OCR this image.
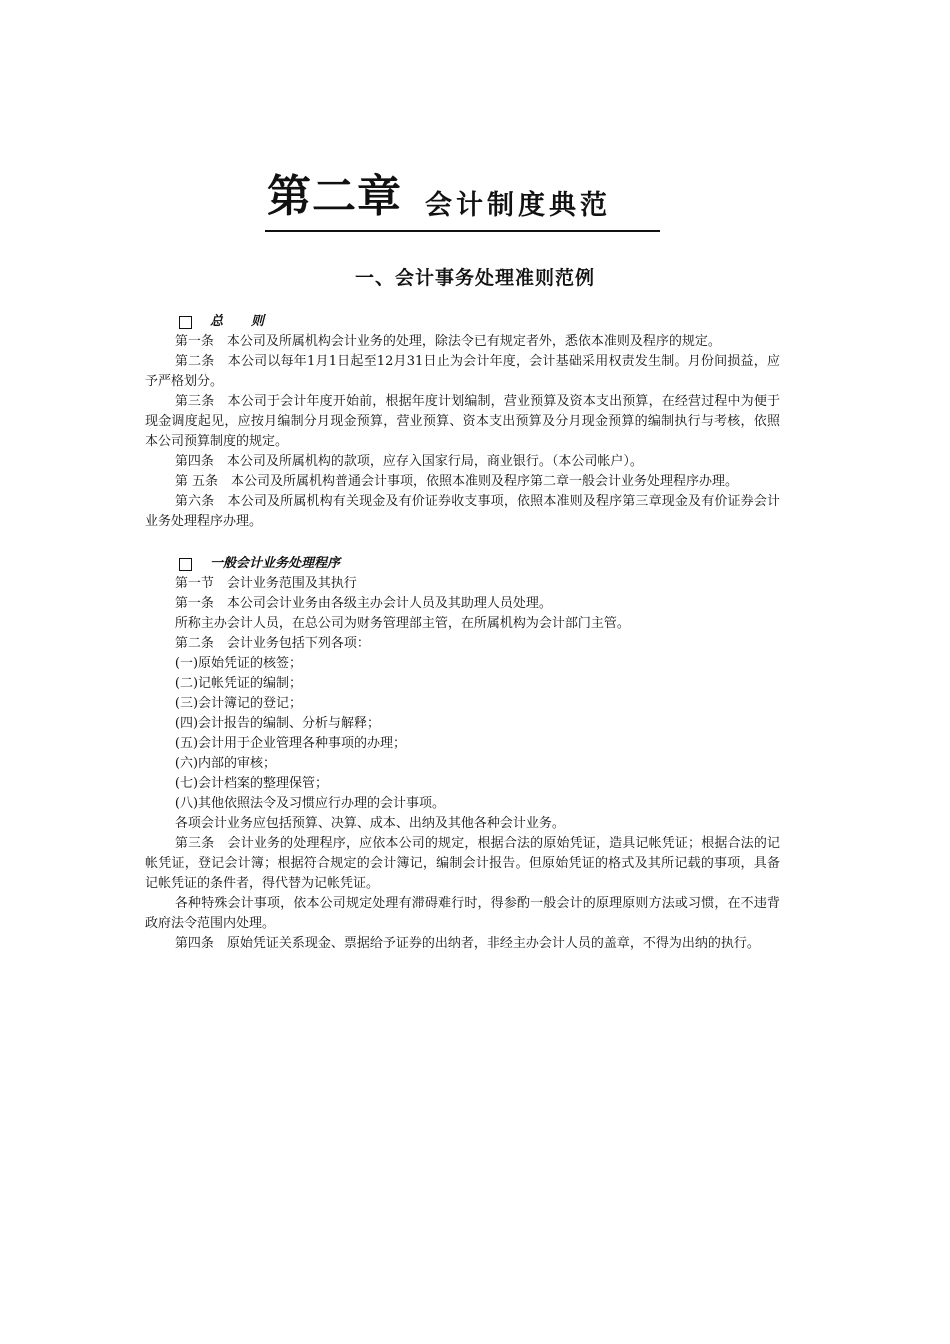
第二章 会计制度典范
一、会计事务处理准则范例
总则

第一条　 本公司及所属机构会计业务的处理，除法令已有规定者外，悉依本准则及程序的规定。

第二条　 本公司以每年1月1日起至12月31日止为会计年度，会计基础采用权责发生制。月份间损益，应予严格划分。

第三条　 本公司于会计年度开始前，根据年度计划编制，营业预算及资本支出预算，在经营过程中为便于现金调度起见，应按月编制分月现金预算，营业预算、资本支出预算及分月现金预算的编制执行与考核，依照本公司预算制度的规定。

第四条　 本公司及所属机构的款项，应存入国家行局，商业银行。（本公司帐户）。

第 五条　 本公司及所属机构普通会计事项，依照本准则及程序第二章一般会计业务处理程序办理。

第六条　 本公司及所属机构有关现金及有价证券收支事项，依照本准则及程序第三章现金及有价证券会计业务处理程序办理。

一般会计业务处理程序

第一节　 会计业务范围及其执行

第一条　 本公司会计业务由各级主办会计人员及其助理人员处理。

所称主办会计人员，在总公司为财务管理部主管，在所属机构为会计部门主管。

第二条　 会计业务包括下列各项：

(一)原始凭证的核签；

(二)记帐凭证的编制；

(三)会计簿记的登记；

(四)会计报告的编制、分析与解释；

(五)会计用于企业管理各种事项的办理；

(六)内部的审核；

(七)会计档案的整理保管；

(八)其他依照法令及习惯应行办理的会计事项。

各项会计业务应包括预算、决算、成本、出纳及其他各种会计业务。

第三条　 会计业务的处理程序，应依本公司的规定，根据合法的原始凭证，造具记帐凭证；根据合法的记帐凭证，登记会计簿；根据符合规定的会计簿记，编制会计报告。但原始凭证的格式及其所记载的事项，具备记帐凭证的条件者，得代替为记帐凭证。

各种特殊会计事项，依本公司规定处理有滞碍难行时，得参酌一般会计的原理原则方法或习惯，在不违背政府法令范围内处理。

第四条　 原始凭证关系现金、票据给予证券的出纳者，非经主办会计人员的盖章，不得为出纳的执行。
